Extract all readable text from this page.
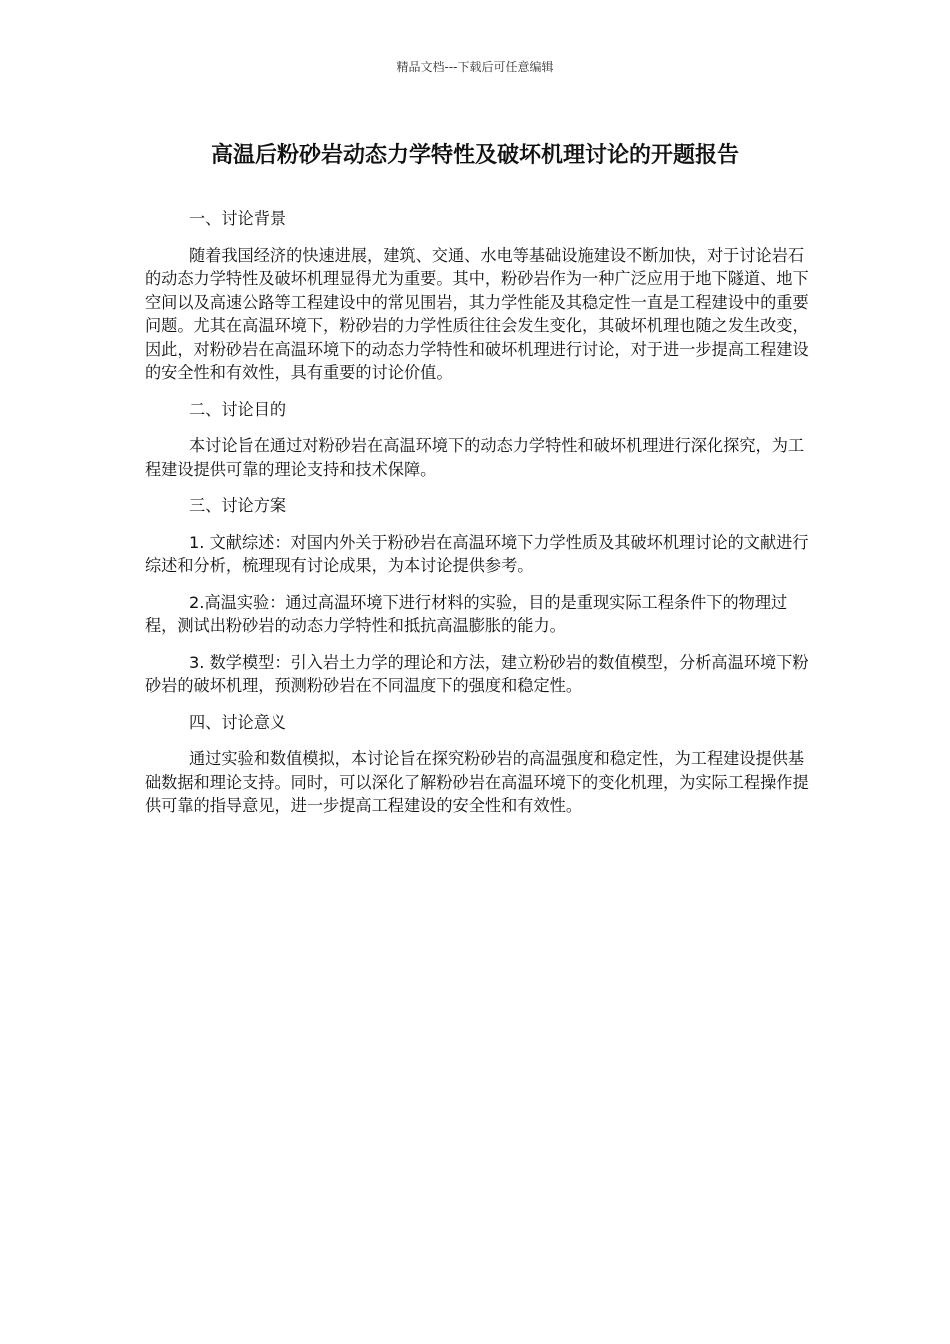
精品文档---下载后可任意编辑
高温后粉砂岩动态力学特性及破坏机理讨论的开题报告

一、讨论背景

随着我国经济的快速进展，建筑、交通、水电等基础设施建设不断加快，对于讨论岩石的动态力学特性及破坏机理显得尤为重要。其中，粉砂岩作为一种广泛应用于地下隧道、地下空间以及高速公路等工程建设中的常见围岩，其力学性能及其稳定性一直是工程建设中的重要问题。尤其在高温环境下，粉砂岩的力学性质往往会发生变化，其破坏机理也随之发生改变，因此，对粉砂岩在高温环境下的动态力学特性和破坏机理进行讨论，对于进一步提高工程建设的安全性和有效性，具有重要的讨论价值。

二、讨论目的

本讨论旨在通过对粉砂岩在高温环境下的动态力学特性和破坏机理进行深化探究，为工程建设提供可靠的理论支持和技术保障。

三、讨论方案

1. 文献综述：对国内外关于粉砂岩在高温环境下力学性质及其破坏机理讨论的文献进行综述和分析，梳理现有讨论成果，为本讨论提供参考。

2.高温实验：通过高温环境下进行材料的实验，目的是重现实际工程条件下的物理过程，测试出粉砂岩的动态力学特性和抵抗高温膨胀的能力。

3. 数学模型：引入岩土力学的理论和方法，建立粉砂岩的数值模型，分析高温环境下粉砂岩的破坏机理，预测粉砂岩在不同温度下的强度和稳定性。

四、讨论意义

通过实验和数值模拟，本讨论旨在探究粉砂岩的高温强度和稳定性，为工程建设提供基础数据和理论支持。同时，可以深化了解粉砂岩在高温环境下的变化机理，为实际工程操作提供可靠的指导意见，进一步提高工程建设的安全性和有效性。
